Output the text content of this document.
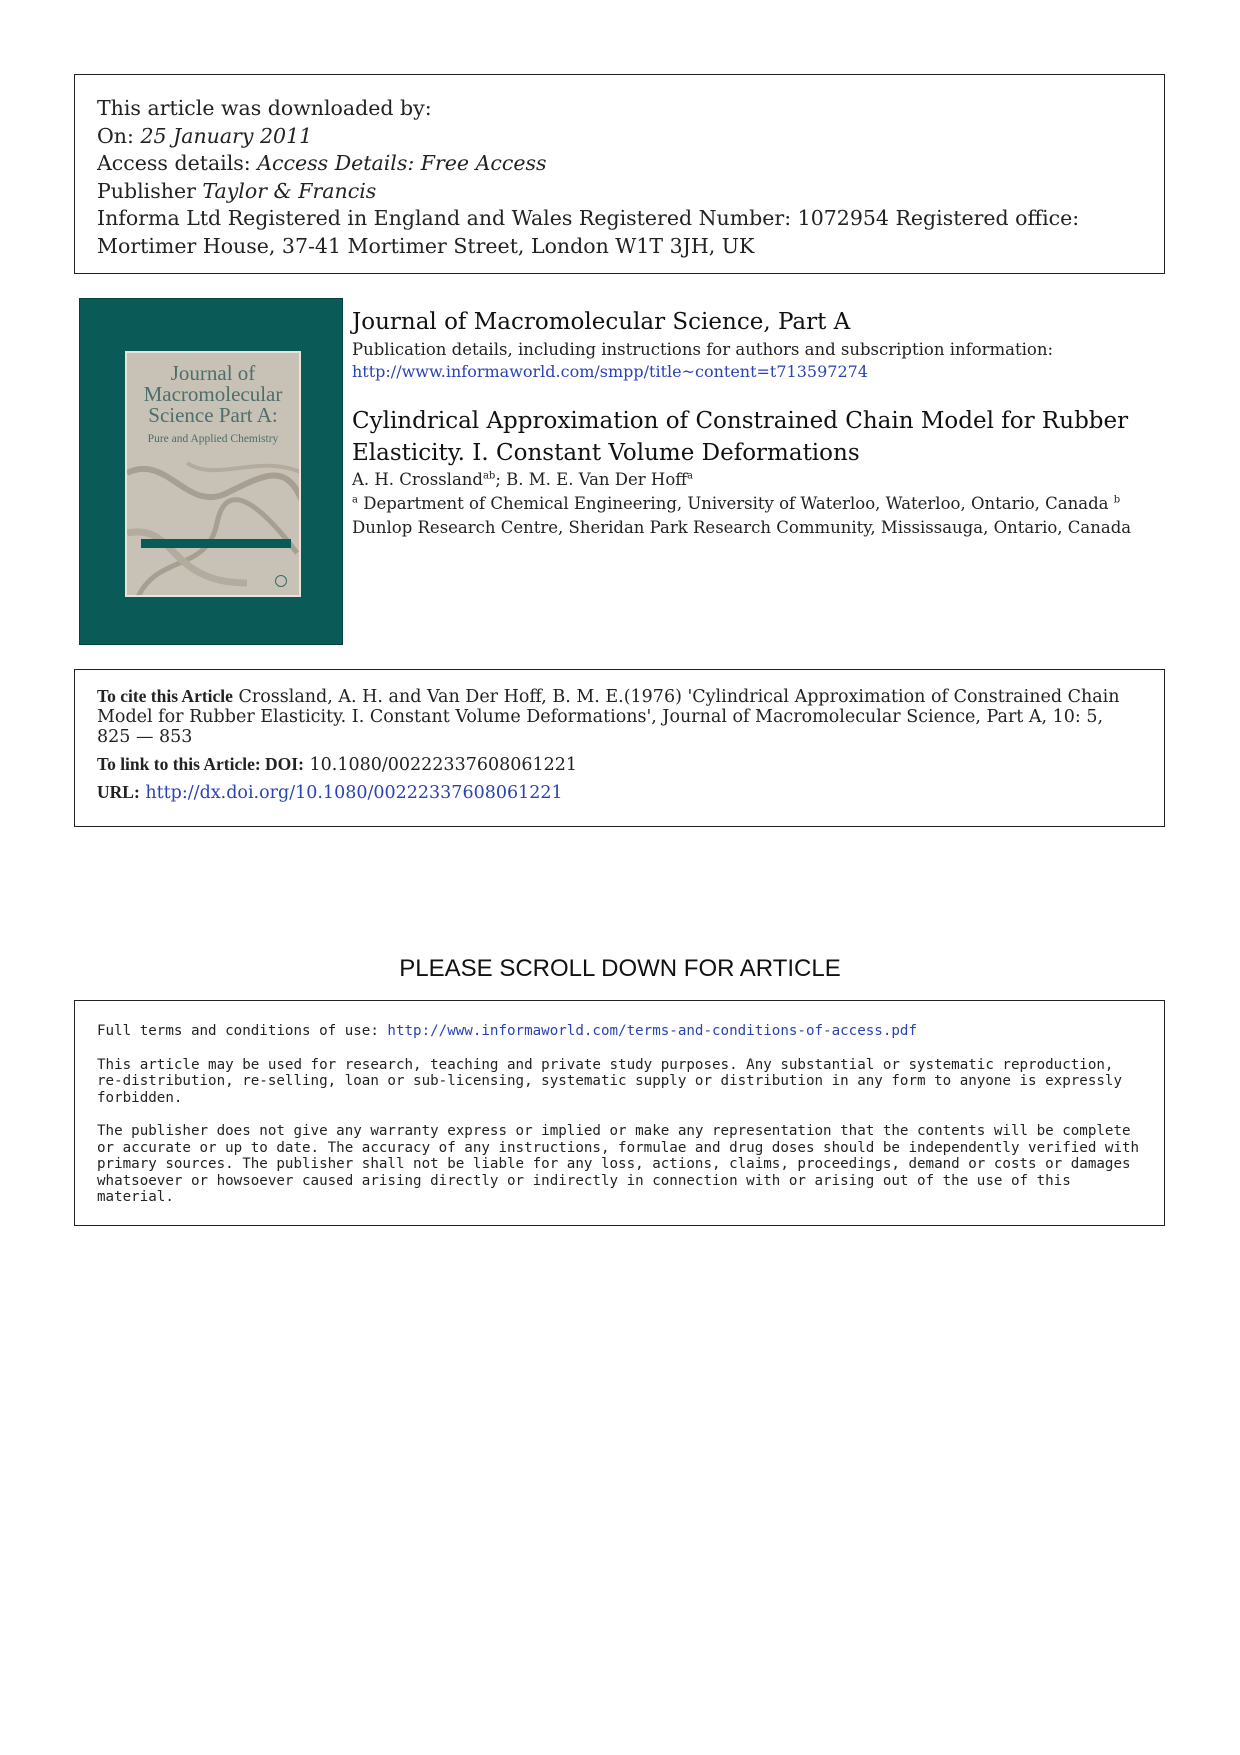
This article was downloaded by:
On: 25 January 2011
Access details: Access Details: Free Access
Publisher Taylor & Francis
Informa Ltd Registered in England and Wales Registered Number: 1072954 Registered office: Mortimer House, 37-41 Mortimer Street, London W1T 3JH, UK
Journal of Macromolecular Science Part A:
Pure and Applied Chemistry
Journal of Macromolecular Science, Part A
Publication details, including instructions for authors and subscription information:
http://www.informaworld.com/smpp/title~content=t713597274
Cylindrical Approximation of Constrained Chain Model for Rubber Elasticity. I. Constant Volume Deformations
A. H. Crossland$^{ab}$; B. M. E. Van Der Hoff$^a$
$^a$ Department of Chemical Engineering, University of Waterloo, Waterloo, Ontario, Canada $^b$ Dunlop Research Centre, Sheridan Park Research Community, Mississauga, Ontario, Canada
To cite this Article Crossland, A. H. and Van Der Hoff, B. M. E.(1976) 'Cylindrical Approximation of Constrained Chain Model for Rubber Elasticity. I. Constant Volume Deformations', Journal of Macromolecular Science, Part A, 10: 5, 825 — 853
To link to this Article: DOI: 10.1080/00222337608061221
URL: http://dx.doi.org/10.1080/00222337608061221
PLEASE SCROLL DOWN FOR ARTICLE

Full terms and conditions of use: http://www.informaworld.com/terms-and-conditions-of-access.pdf

This article may be used for research, teaching and private study purposes. Any substantial or systematic reproduction, re-distribution, re-selling, loan or sub-licensing, systematic supply or distribution in any form to anyone is expressly forbidden.

The publisher does not give any warranty express or implied or make any representation that the contents will be complete or accurate or up to date. The accuracy of any instructions, formulae and drug doses should be independently verified with primary sources. The publisher shall not be liable for any loss, actions, claims, proceedings, demand or costs or damages whatsoever or howsoever caused arising directly or indirectly in connection with or arising out of the use of this material.
